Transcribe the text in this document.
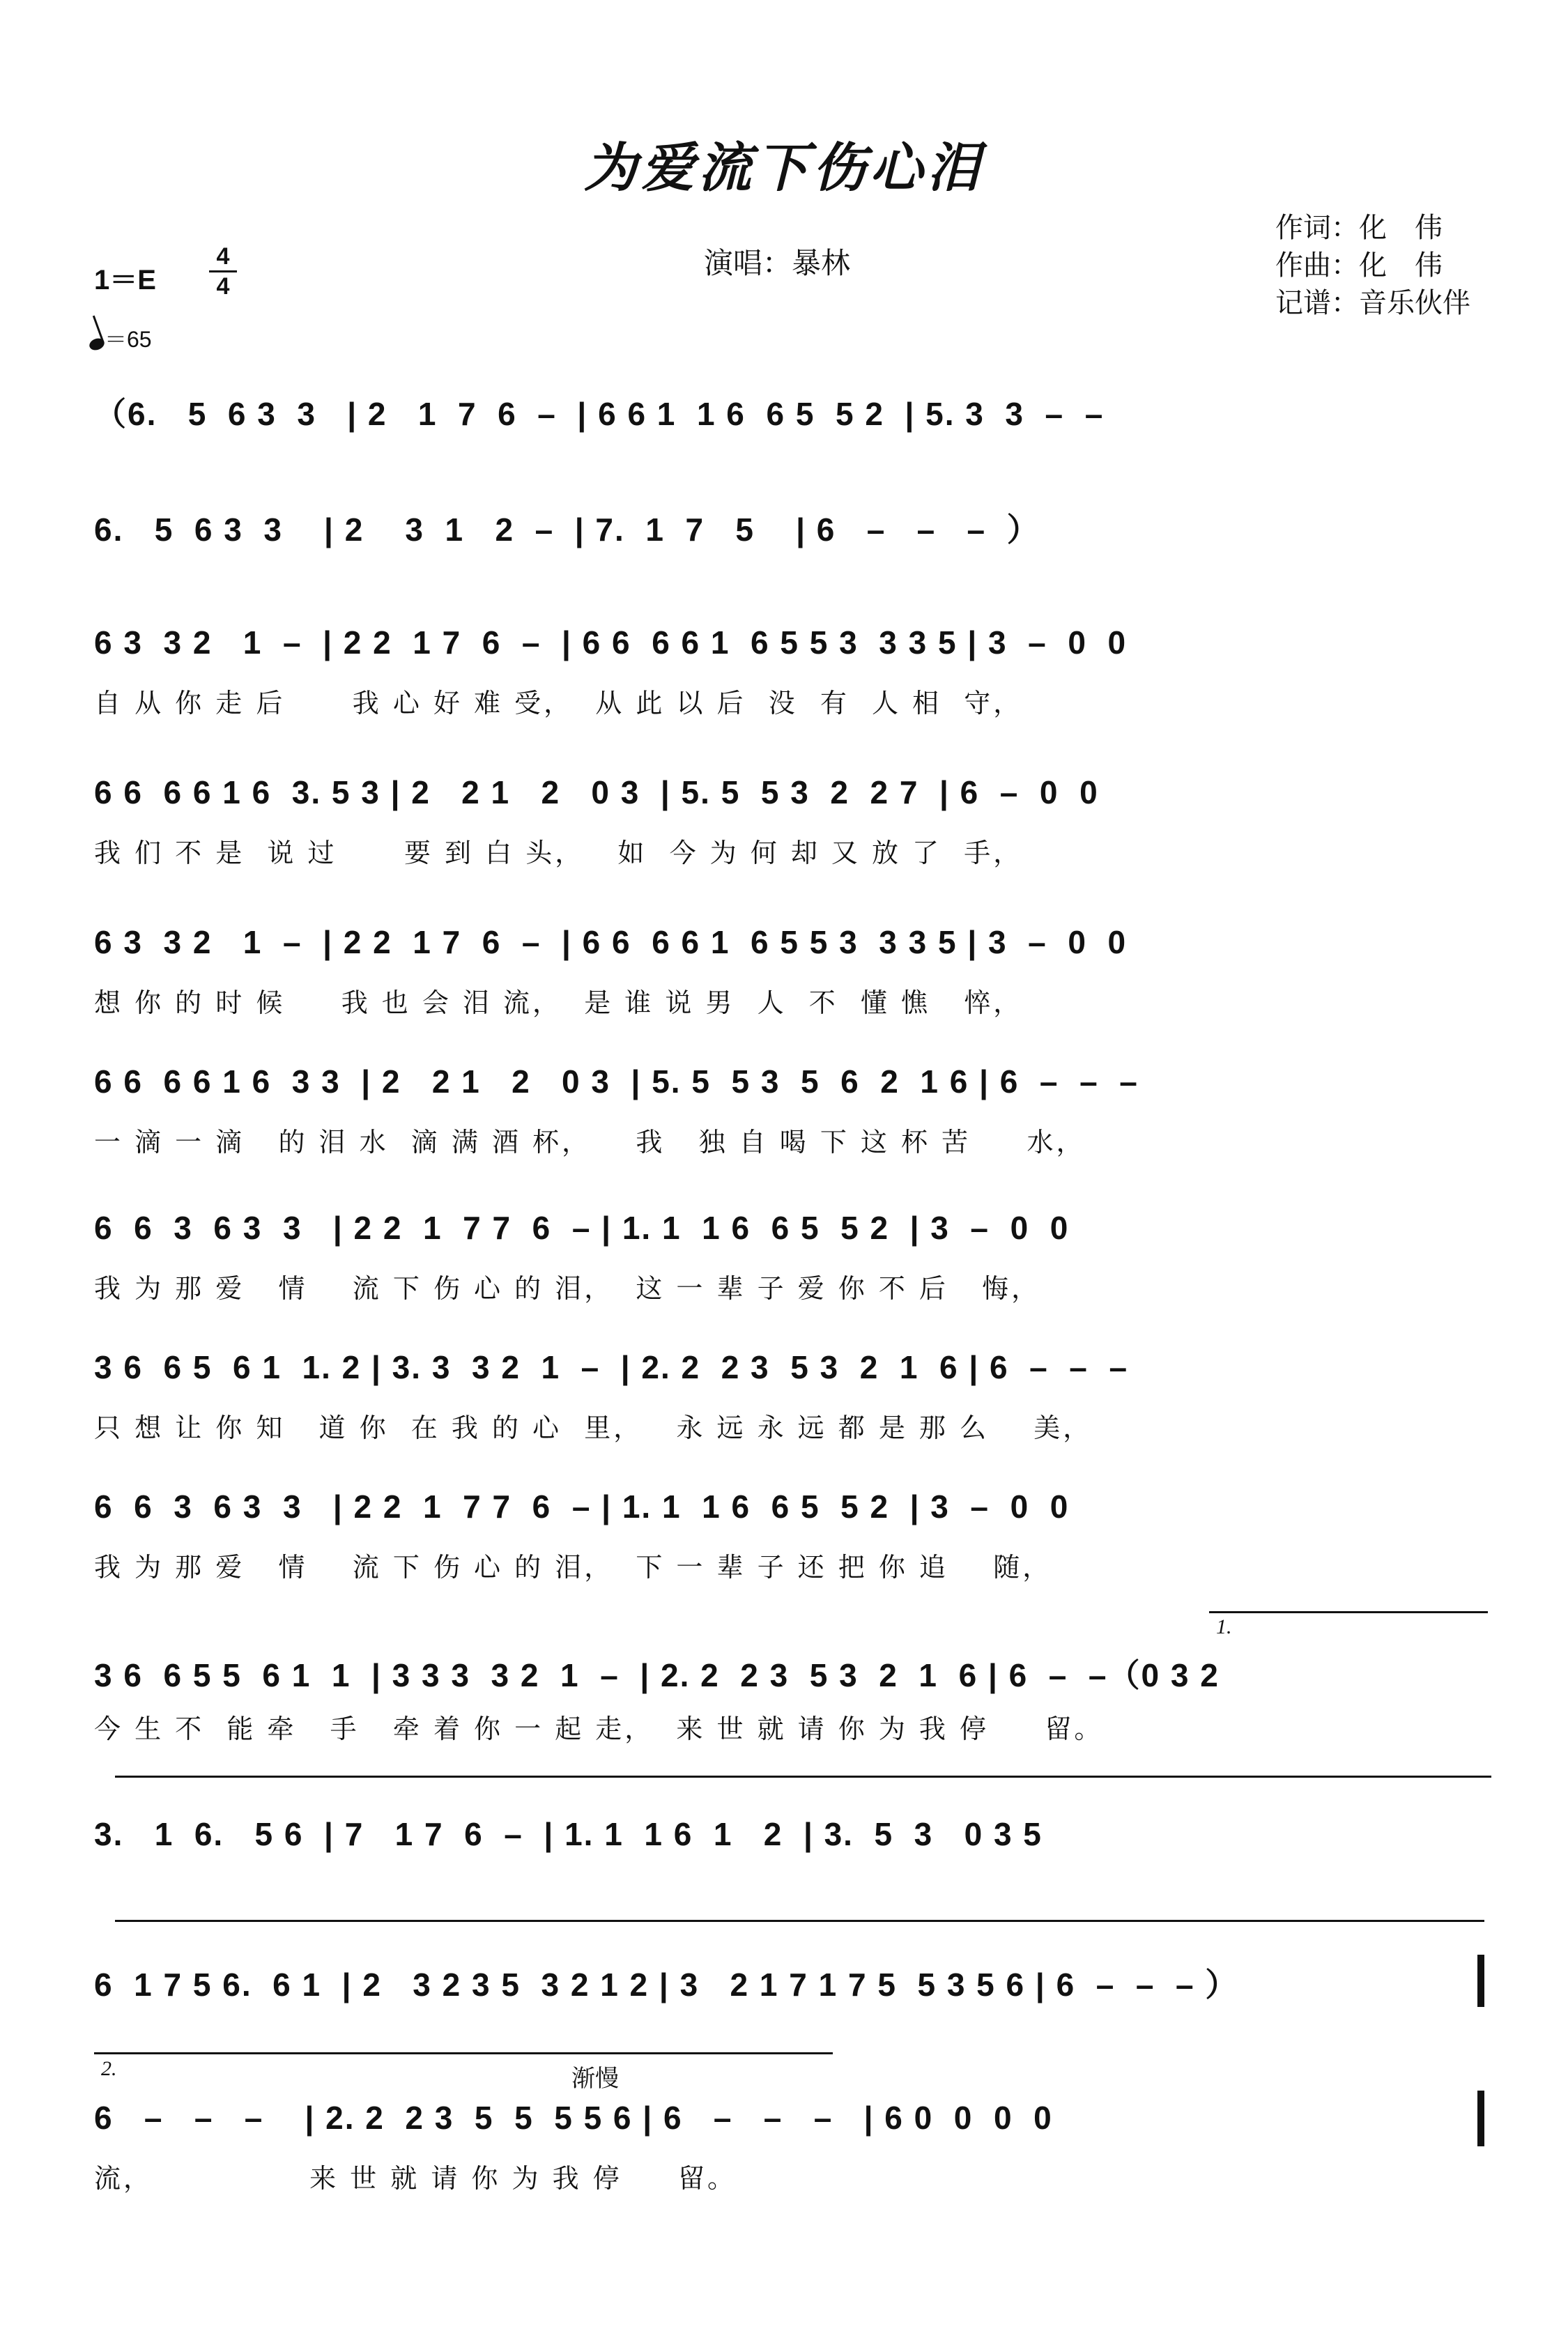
为爱流下伤心泪
演唱：暴林
作词：化　伟
作曲：化　伟
记谱：音乐伙伴
1＝E
4
4
＝65
（6.   5  6 3  3   | 2   1  7  6  –  | 6 6 1  1 6  6 5  5 2  | 5. 3  3  –  –
6.   5  6 3  3    | 2    3  1   2  –  | 7.  1  7   5    | 6   –   –   –  ）
6 3  3 2   1  –  | 2 2  1 7  6  –  | 6 6  6 6 1  6 5 5 3  3 3 5 | 3  –  0  0
自 从 你 走 后      我 心 好 难 受，  从 此 以 后  没  有  人 相  守，
6 6  6 6 1 6  3. 5 3 | 2   2 1   2   0 3  | 5. 5  5 3  2  2 7  | 6  –  0  0
我 们 不 是  说 过      要 到 白 头，   如  今 为 何 却 又 放 了  手，
6 3  3 2   1  –  | 2 2  1 7  6  –  | 6 6  6 6 1  6 5 5 3  3 3 5 | 3  –  0  0
想 你 的 时 候     我 也 会 泪 流，  是 谁 说 男  人  不  懂 憔   悴，
6 6  6 6 1 6  3 3  | 2   2 1   2   0 3  | 5. 5  5 3  5  6  2  1 6 | 6  –  –  –
一 滴 一 滴   的 泪 水  滴 满 酒 杯，    我   独 自 喝 下 这 杯 苦     水，
6  6  3  6 3  3   | 2 2  1  7 7  6  – | 1. 1  1 6  6 5  5 2  | 3  –  0  0
我 为 那 爱   情    流 下 伤 心 的 泪，  这 一 辈 子 爱 你 不 后   悔，
3 6  6 5  6 1  1. 2 | 3. 3  3 2  1  –  | 2. 2  2 3  5 3  2  1  6 | 6  –  –  –
只 想 让 你 知   道 你  在 我 的 心  里，   永 远 永 远 都 是 那 么    美，
6  6  3  6 3  3   | 2 2  1  7 7  6  – | 1. 1  1 6  6 5  5 2  | 3  –  0  0
我 为 那 爱   情    流 下 伤 心 的 泪，  下 一 辈 子 还 把 你 追    随，
1.
3 6  6 5 5  6 1  1  | 3 3 3  3 2  1  –  | 2. 2  2 3  5 3  2  1  6 | 6  –  –（0 3 2
今 生 不  能 牵   手   牵 着 你 一 起 走，  来 世 就 请 你 为 我 停     留。
3.   1  6.   5 6  | 7   1 7  6  –  | 1. 1  1 6  1   2  | 3.  5  3   0 3 5
6  1 7 5 6.  6 1  | 2   3 2 3 5  3 2 1 2 | 3   2 1 7 1 7 5  5 3 5 6 | 6  –  –  – ）
2.	渐慢
6   –   –   –    | 2. 2  2 3  5  5  5 5 6 | 6   –   –   –   | 6 0  0  0  0
流，              来 世 就 请 你 为 我 停     留。
